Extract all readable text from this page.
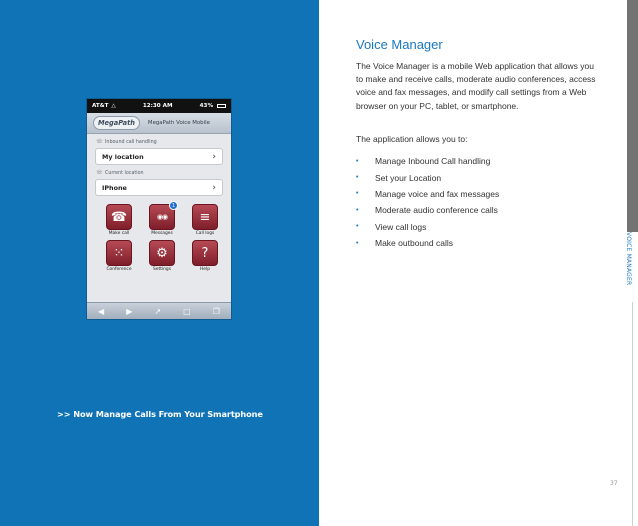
AT&T △	12:30 AM	43%
MegaPath	MegaPath Voice Mobile
☏ Inbound call handling
My location	›
☏ Current location
IPhone	›
☎
Make call
◉◉
1
Messages
≡
Call logs
⁙
Conference
⚙
Settings
?
Help
◀	▶	↗	□	❐
>> Now Manage Calls From Your Smartphone
Voice Manager

The Voice Manager is a mobile Web application that allows you to make and receive calls, moderate audio conferences, access voice and fax messages, and modify call settings from a Web browser on your PC, tablet, or smartphone.

The application allows you to:

•	Manage Inbound Call handling
•	Set your Location
•	Manage voice and fax messages
•	Moderate audio conference calls
•	View call logs
•	Make outbound calls	VOICE MANAGER
37
